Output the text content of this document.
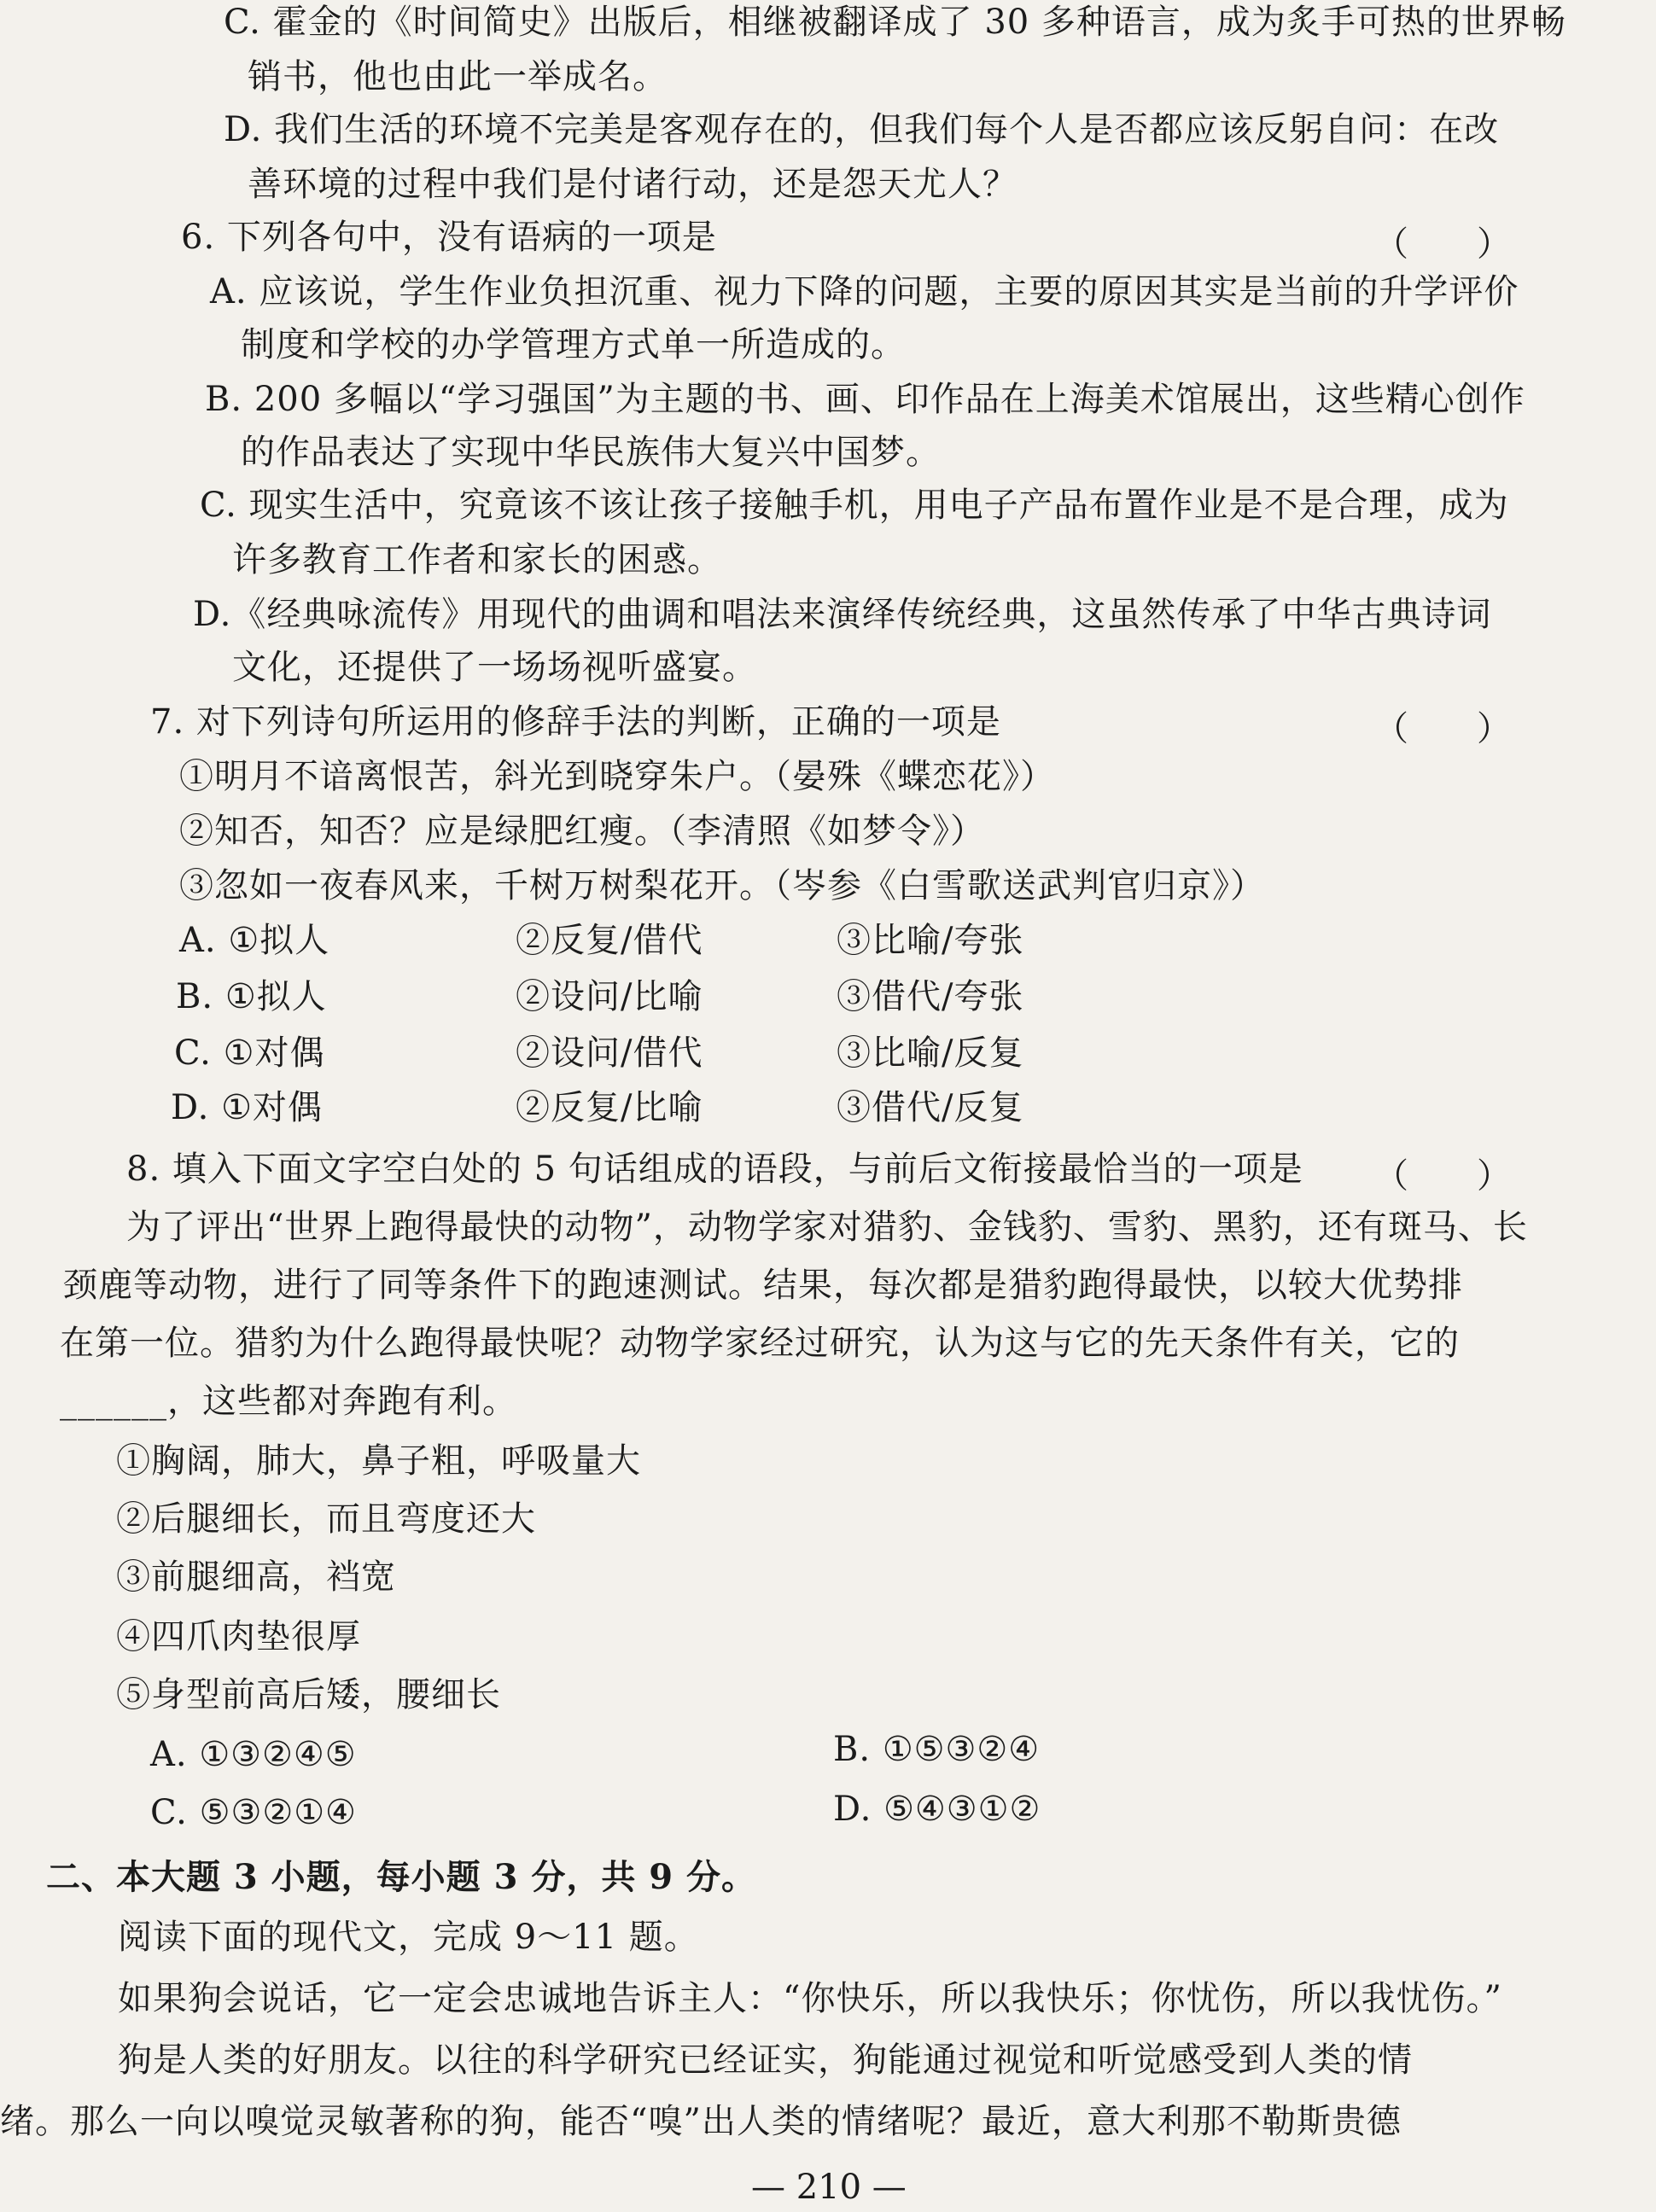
C. 霍金的《时间简史》出版后，相继被翻译成了 30 多种语言，成为炙手可热的世界畅
销书，他也由此一举成名。
D. 我们生活的环境不完美是客观存在的，但我们每个人是否都应该反躬自问：在改
善环境的过程中我们是付诸行动，还是怨天尤人？
6. 下列各句中，没有语病的一项是	（　　）
A. 应该说，学生作业负担沉重、视力下降的问题，主要的原因其实是当前的升学评价
制度和学校的办学管理方式单一所造成的。
B. 200 多幅以“学习强国”为主题的书、画、印作品在上海美术馆展出，这些精心创作
的作品表达了实现中华民族伟大复兴中国梦。
C. 现实生活中，究竟该不该让孩子接触手机，用电子产品布置作业是不是合理，成为
许多教育工作者和家长的困惑。
D.《经典咏流传》用现代的曲调和唱法来演绎传统经典，这虽然传承了中华古典诗词
文化，还提供了一场场视听盛宴。
7. 对下列诗句所运用的修辞手法的判断，正确的一项是	（　　）
①明月不谙离恨苦，斜光到晓穿朱户。（晏殊《蝶恋花》）
②知否，知否？应是绿肥红瘦。（李清照《如梦令》）
③忽如一夜春风来，千树万树梨花开。（岑参《白雪歌送武判官归京》）
A. ①拟人	②反复/借代	③比喻/夸张
B. ①拟人	②设问/比喻	③借代/夸张
C. ①对偶	②设问/借代	③比喻/反复
D. ①对偶	②反复/比喻	③借代/反复
8. 填入下面文字空白处的 5 句话组成的语段，与前后文衔接最恰当的一项是 （　　）
为了评出“世界上跑得最快的动物”，动物学家对猎豹、金钱豹、雪豹、黑豹，还有斑马、长
颈鹿等动物，进行了同等条件下的跑速测试。结果，每次都是猎豹跑得最快，以较大优势排
在第一位。猎豹为什么跑得最快呢？动物学家经过研究，认为这与它的先天条件有关，它的
______，这些都对奔跑有利。
①胸阔，肺大，鼻子粗，呼吸量大
②后腿细长，而且弯度还大
③前腿细高，裆宽
④四爪肉垫很厚
⑤身型前高后矮，腰细长
A. ①③②④⑤	B. ①⑤③②④
C. ⑤③②①④	D. ⑤④③①②
二、本大题 3 小题，每小题 3 分，共 9 分。
阅读下面的现代文，完成 9～11 题。
如果狗会说话，它一定会忠诚地告诉主人：“你快乐，所以我快乐；你忧伤，所以我忧伤。”
狗是人类的好朋友。以往的科学研究已经证实，狗能通过视觉和听觉感受到人类的情
绪。那么一向以嗅觉灵敏著称的狗，能否“嗅”出人类的情绪呢？最近，意大利那不勒斯贵德
— 210 —
